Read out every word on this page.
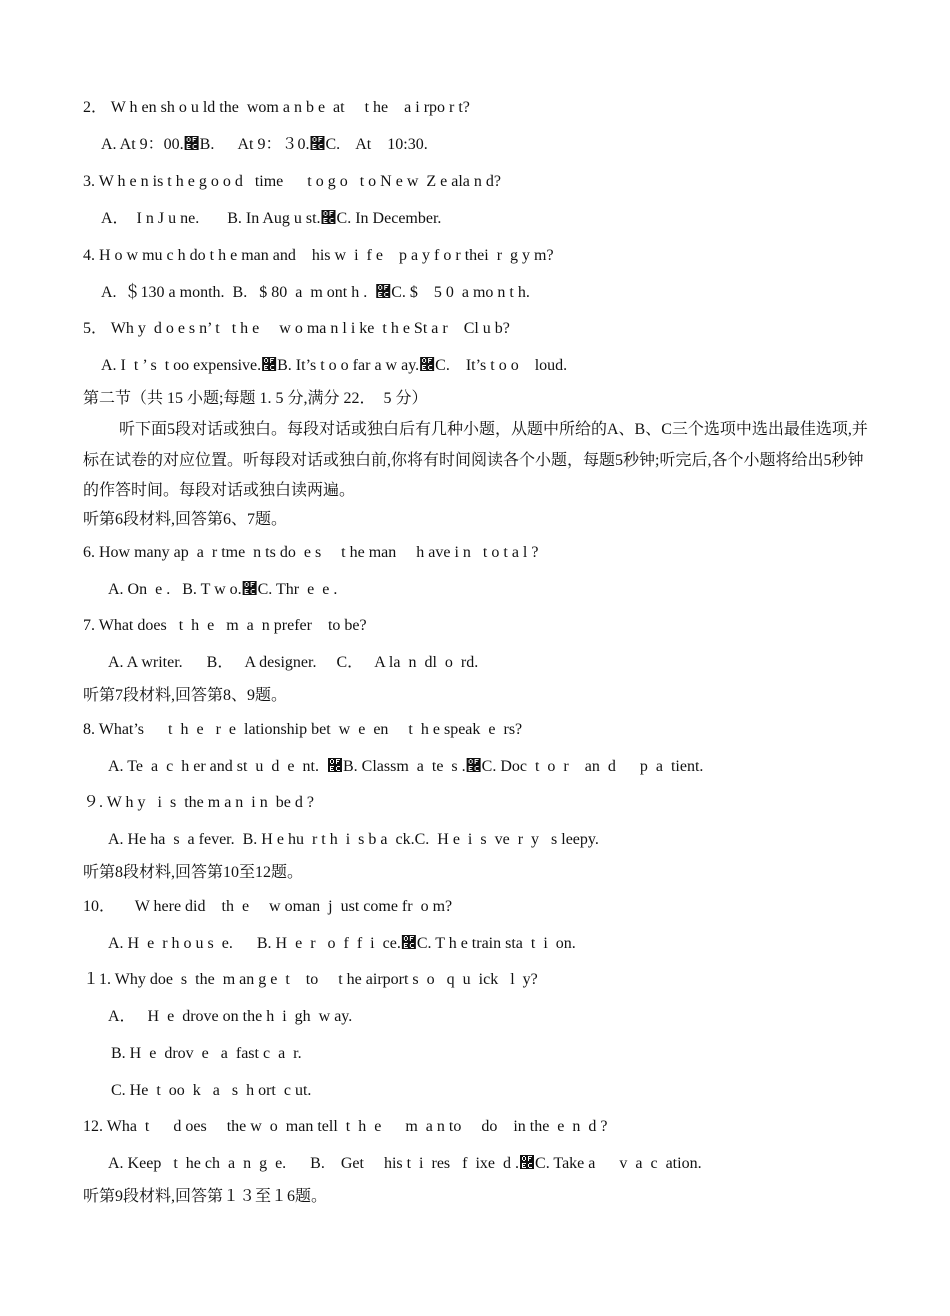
2． W h en sh o u ld the  wom a n b e  at     t he    a i rpo r t?
A. At 9：00.࿬B.      At 9：３0.࿬C.    At    10:30.
3. W h e n is t h e g o o d   time      t o g o   t o N e w  Z e ala n d?
A．  I n J u ne.       B. In Aug u st.࿬C. In December.
4. H o w mu c h do t h e man and    his w  i  f e    p a y f o r thei  r  g y m?
A.  ＄130 a month.  B.   $ 80  a  m ont h .  ࿬C. $    5 0  a mo n t h.
5． Wh y  d o e s n’ t   t h e     w o ma n l i ke  t h e St a r    Cl u b?
A. I  t ’ s  t oo expensive.࿬B. It’s t o o far a w ay.࿬C.    It’s t o o    loud.
第二节（共 15 小题;每题 1. 5 分,满分 22．  5 分）
听下面5段对话或独白。每段对话或独白后有几种小题，从题中所给的A、B、C三个选项中选出最佳选项,并标在试卷的对应位置。听每段对话或独白前,你将有时间阅读各个小题，每题5秒钟;听完后,各个小题将给出5秒钟的作答时间。每段对话或独白读两遍。
听第6段材料,回答第6、7题。
6. How many ap  a  r tme  n ts do  e s     t he man     h ave i n   t o t a l ?
A. On  e .   B. T w o.࿬C. Thr  e  e .
7. What does   t  h  e   m  a  n prefer    to be?
A. A writer.      B．   A designer.     C．   A la  n  dl  o  rd.
听第7段材料,回答第8、9题。
8. What’s      t  h  e   r  e  lationship bet  w  e  en     t  h e speak  e  rs?
A. Te  a  c  h er and st  u  d  e  nt.  ࿬B. Classm  a  te  s .࿬C. Doc  t  o  r    an  d      p  a  tient.
９. W h y   i  s  the m a n  i n  be d ?
A. He ha  s  a fever.  B. H e hu  r t h  i  s b a  ck.C.  H e  i  s  ve  r  y   s leepy.
听第8段材料,回答第10至12题。
10．     W here did    th  e     w oman  j  ust come fr  o m?
A. H  e  r h o u s  e.      B. H  e  r   o  f  f  i  ce.࿬C. T h e train sta  t  i  on.
１1. Why doe  s  the  m an g e  t    to     t he airport s  o   q  u  ick   l  y?
A．   H  e  drove on the h  i  gh  w ay.
B. H  e  drov  e   a  fast c  a  r.
C. He  t  oo  k   a   s  h ort  c ut.
12. Wha  t      d oes     the w  o  man tell  t  h  e      m  a n to     do    in the  e  n  d ?
A. Keep   t  he ch  a  n  g  e.      B.    Get     his t  i  res   f  ixe  d .࿬C. Take a      v  a  c  ation.
听第9段材料,回答第１３至１6题。
